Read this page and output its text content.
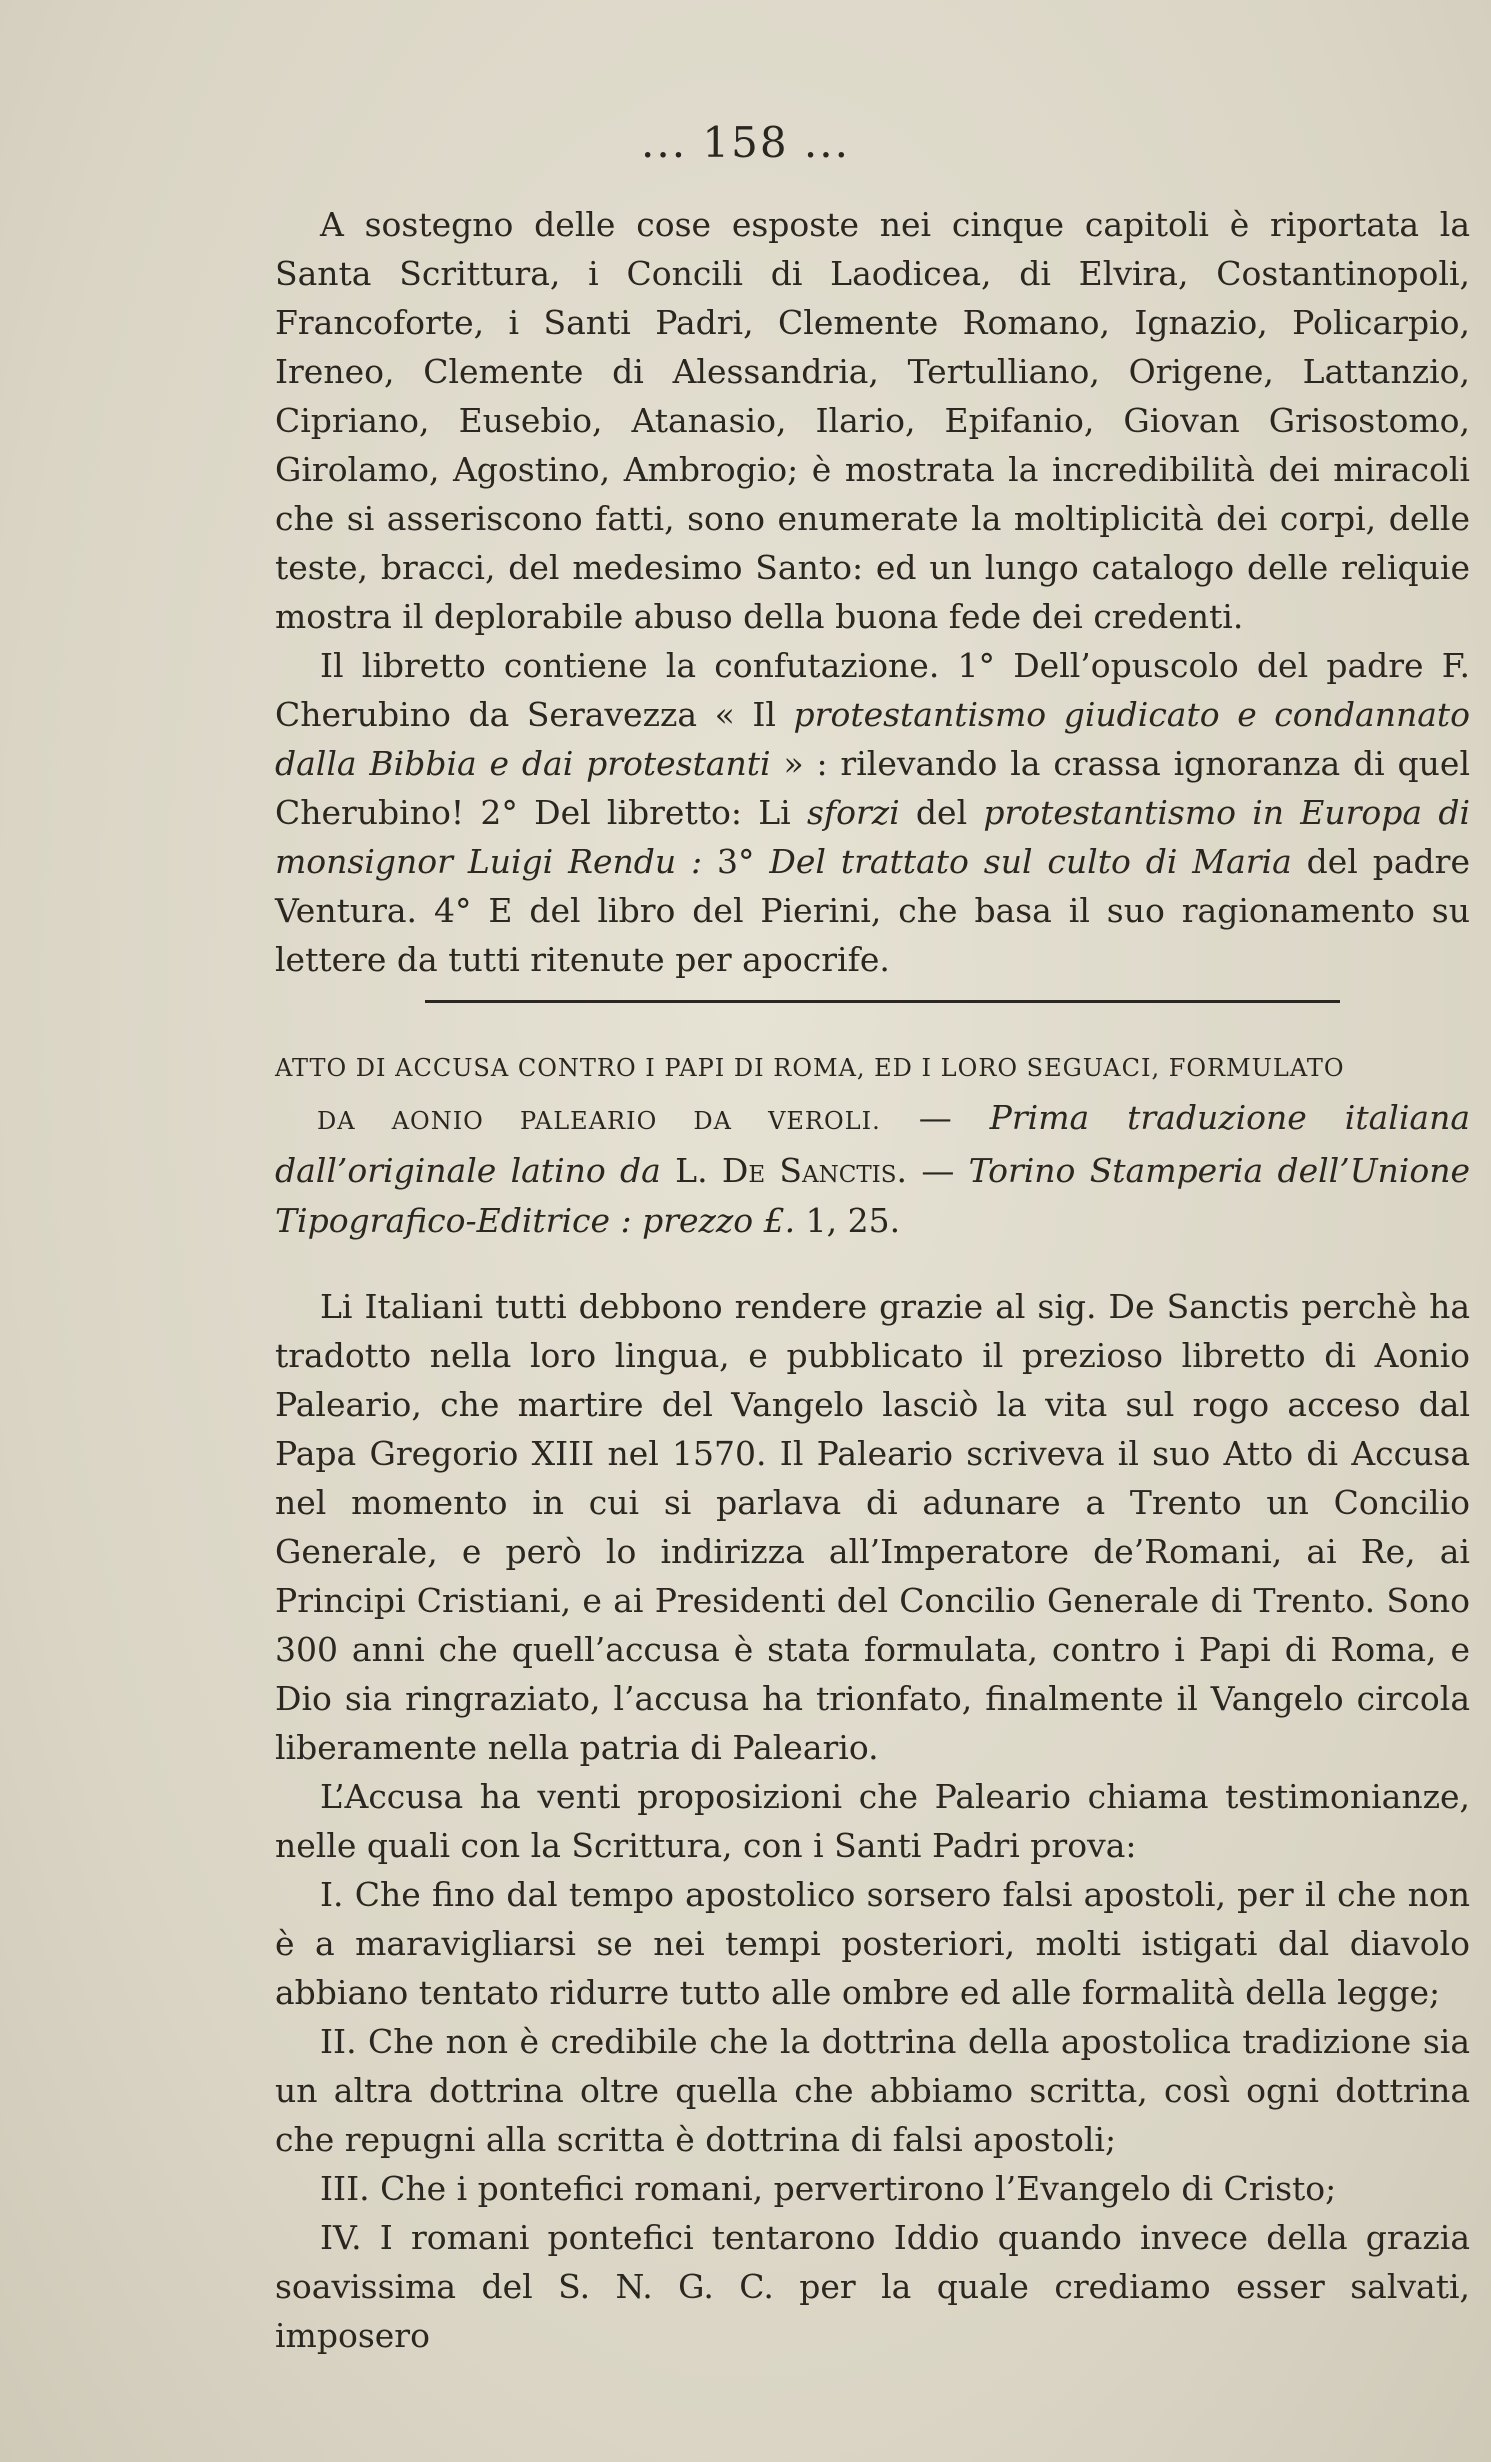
... 158 ...

A sostegno delle cose esposte nei cinque capitoli è riportata la Santa Scrittura, i Concili di Laodicea, di Elvira, Costantinopoli, Francoforte, i Santi Padri, Clemente Romano, Ignazio, Policarpio, Ireneo, Clemente di Alessandria, Tertulliano, Origene, Lattanzio, Cipriano, Eusebio, Atanasio, Ilario, Epifanio, Giovan Grisostomo, Girolamo, Agostino, Ambrogio; è mostrata la incredibilità dei miracoli che si asseriscono fatti, sono enumerate la moltiplicità dei corpi, delle teste, bracci, del medesimo Santo: ed un lungo catalogo delle reliquie mostra il deplorabile abuso della buona fede dei credenti.

Il libretto contiene la confutazione. 1° Dell’opuscolo del padre F. Cherubino da Seravezza « Il protestantismo giudicato e condannato dalla Bibbia e dai protestanti » : rilevando la crassa ignoranza di quel Cherubino! 2° Del libretto: Li sforzi del protestantismo in Europa di monsignor Luigi Rendu : 3° Del trattato sul culto di Maria del padre Ventura. 4° E del libro del Pierini, che basa il suo ragionamento su lettere da tutti ritenute per apocrife.

ATTO DI ACCUSA CONTRO I PAPI DI ROMA, ED I LORO SEGUACI, FORMULATO
DA AONIO PALEARIO DA VEROLI. — Prima traduzione italiana dall’originale latino da L. De Sanctis. — Torino Stamperia dell’Unione Tipografico-Editrice : prezzo £. 1, 25.

Li Italiani tutti debbono rendere grazie al sig. De Sanctis perchè ha tradotto nella loro lingua, e pubblicato il prezioso libretto di Aonio Paleario, che martire del Vangelo lasciò la vita sul rogo acceso dal Papa Gregorio XIII nel 1570. Il Paleario scriveva il suo Atto di Accusa nel momento in cui si parlava di adunare a Trento un Concilio Generale, e però lo indirizza all’Imperatore de’Romani, ai Re, ai Principi Cristiani, e ai Presidenti del Concilio Generale di Trento. Sono 300 anni che quell’accusa è stata formulata, contro i Papi di Roma, e Dio sia ringraziato, l’accusa ha trionfato, finalmente il Vangelo circola liberamente nella patria di Paleario.

L’Accusa ha venti proposizioni che Paleario chiama testimonianze, nelle quali con la Scrittura, con i Santi Padri prova:

I. Che fino dal tempo apostolico sorsero falsi apostoli, per il che non è a maravigliarsi se nei tempi posteriori, molti istigati dal diavolo abbiano tentato ridurre tutto alle ombre ed alle formalità della legge;

II. Che non è credibile che la dottrina della apostolica tradizione sia un altra dottrina oltre quella che abbiamo scritta, così ogni dottrina che repugni alla scritta è dottrina di falsi apostoli;

III. Che i pontefici romani, pervertirono l’Evangelo di Cristo;

IV. I romani pontefici tentarono Iddio quando invece della grazia soavissima del S. N. G. C. per la quale crediamo esser salvati, imposero
